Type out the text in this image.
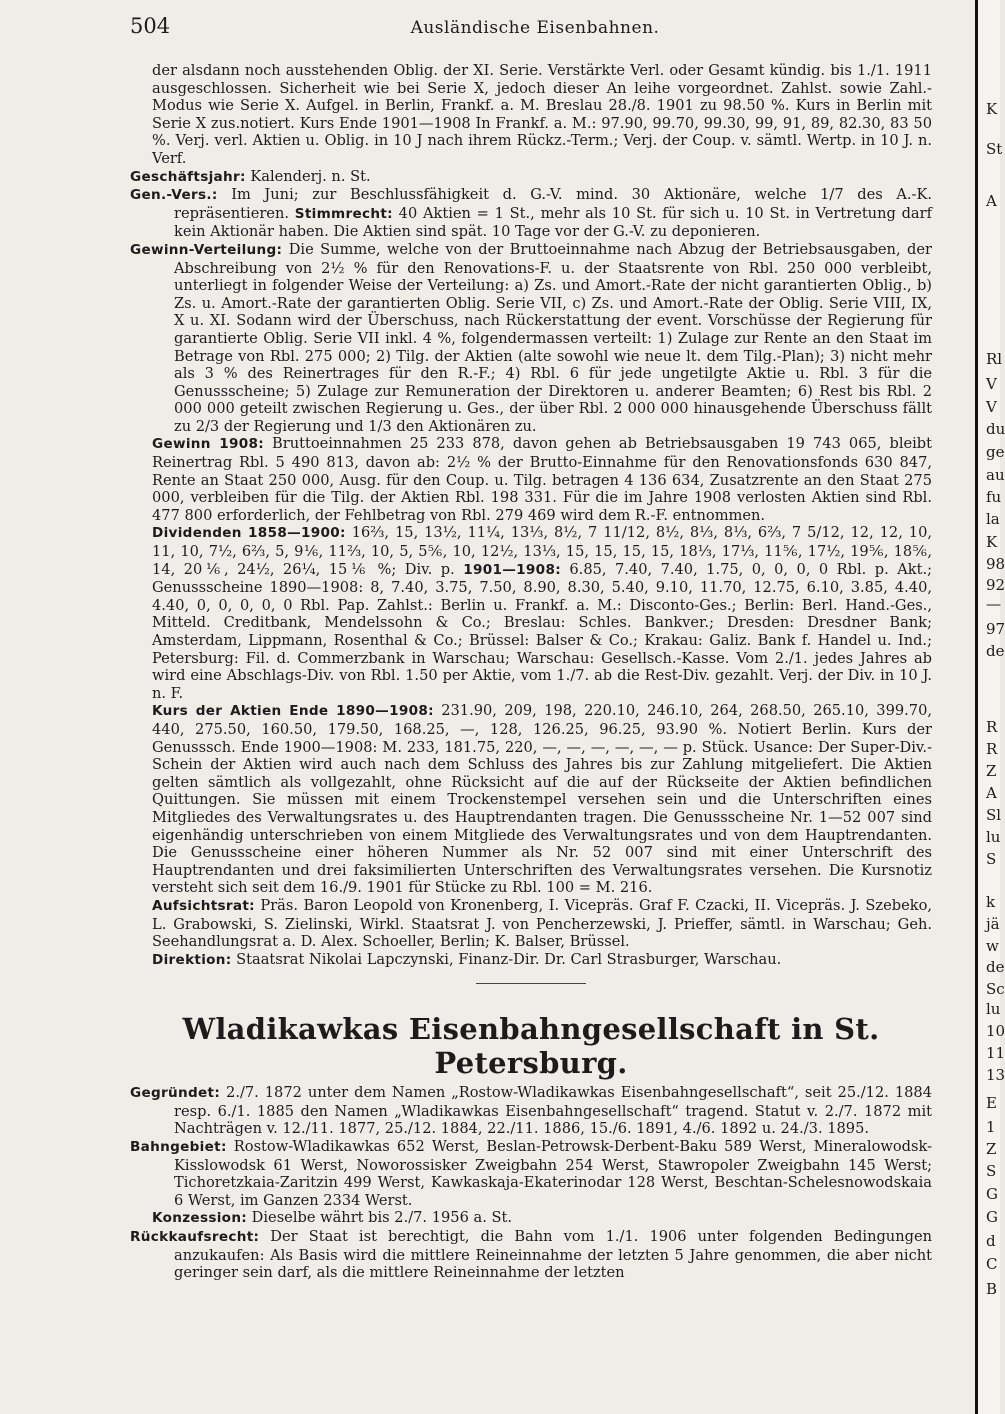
504	Ausländische Eisenbahnen.

der alsdann noch ausstehenden Oblig. der XI. Serie. Verstärkte Verl. oder Gesamt kündig. bis 1./1. 1911 ausgeschlossen. Sicherheit wie bei Serie X, jedoch dieser An leihe vorgeordnet. Zahlst. sowie Zahl.-Modus wie Serie X. Aufgel. in Berlin, Frankf. a. M. Breslau 28./8. 1901 zu 98.50 %. Kurs in Berlin mit Serie X zus.notiert. Kurs Ende 1901—1908 In Frankf. a. M.: 97.90, 99.70, 99.30, 99, 91, 89, 82.30, 83 50 %. Verj. verl. Aktien u. Oblig. in 10 J nach ihrem Rückz.-Term.; Verj. der Coup. v. sämtl. Wertp. in 10 J. n. Verf.

Geschäftsjahr: Kalenderj. n. St.

Gen.-Vers.: Im Juni; zur Beschlussfähigkeit d. G.-V. mind. 30 Aktionäre, welche 1/7 des A.-K. repräsentieren. Stimmrecht: 40 Aktien = 1 St., mehr als 10 St. für sich u. 10 St. in Vertretung darf kein Aktionär haben. Die Aktien sind spät. 10 Tage vor der G.-V. zu deponieren.

Gewinn-Verteilung: Die Summe, welche von der Bruttoeinnahme nach Abzug der Betriebsausgaben, der Abschreibung von 2½ % für den Renovations-F. u. der Staatsrente von Rbl. 250 000 verbleibt, unterliegt in folgender Weise der Verteilung: a) Zs. und Amort.-Rate der nicht garantierten Oblig., b) Zs. u. Amort.-Rate der garantierten Oblig. Serie VII, c) Zs. und Amort.-Rate der Oblig. Serie VIII, IX, X u. XI. Sodann wird der Überschuss, nach Rückerstattung der event. Vorschüsse der Regierung für garantierte Oblig. Serie VII inkl. 4 %, folgendermassen verteilt: 1) Zulage zur Rente an den Staat im Betrage von Rbl. 275 000; 2) Tilg. der Aktien (alte sowohl wie neue lt. dem Tilg.-Plan); 3) nicht mehr als 3 % des Reinertrages für den R.-F.; 4) Rbl. 6 für jede ungetilgte Aktie u. Rbl. 3 für die Genussscheine; 5) Zulage zur Remuneration der Direktoren u. anderer Beamten; 6) Rest bis Rbl. 2 000 000 geteilt zwischen Regierung u. Ges., der über Rbl. 2 000 000 hinausgehende Überschuss fällt zu 2/3 der Regierung und 1/3 den Aktionären zu.

Gewinn 1908: Bruttoeinnahmen 25 233 878, davon gehen ab Betriebsausgaben 19 743 065, bleibt Reinertrag Rbl. 5 490 813, davon ab: 2½ % der Brutto-Einnahme für den Renovationsfonds 630 847, Rente an Staat 250 000, Ausg. für den Coup. u. Tilg. betragen 4 136 634, Zusatzrente an den Staat 275 000, verbleiben für die Tilg. der Aktien Rbl. 198 331. Für die im Jahre 1908 verlosten Aktien sind Rbl. 477 800 erforderlich, der Fehlbetrag von Rbl. 279 469 wird dem R.-F. entnommen.

Dividenden 1858—1900: 16⅔, 15, 13½, 11¼, 13⅓, 8½, 7 11/12, 8½, 8⅓, 8⅓, 6⅔, 7 5/12, 12, 12, 10, 11, 10, 7½, 6⅔, 5, 9⅙, 11⅔, 10, 5, 5⅚, 10, 12½, 13⅓, 15, 15, 15, 15, 18⅓, 17⅓, 11⅚, 17½, 19⅚, 18⅚, 14, 20⅙, 24½, 26¼, 15⅙ %; Div. p. 1901—1908: 6.85, 7.40, 7.40, 1.75, 0, 0, 0, 0 Rbl. p. Akt.; Genussscheine 1890—1908: 8, 7.40, 3.75, 7.50, 8.90, 8.30, 5.40, 9.10, 11.70, 12.75, 6.10, 3.85, 4.40, 4.40, 0, 0, 0, 0, 0 Rbl. Pap. Zahlst.: Berlin u. Frankf. a. M.: Disconto-Ges.; Berlin: Berl. Hand.-Ges., Mitteld. Creditbank, Mendelssohn & Co.; Breslau: Schles. Bankver.; Dresden: Dresdner Bank; Amsterdam, Lippmann, Rosenthal & Co.; Brüssel: Balser & Co.; Krakau: Galiz. Bank f. Handel u. Ind.; Petersburg: Fil. d. Commerzbank in Warschau; Warschau: Gesellsch.-Kasse. Vom 2./1. jedes Jahres ab wird eine Abschlags-Div. von Rbl. 1.50 per Aktie, vom 1./7. ab die Rest-Div. gezahlt. Verj. der Div. in 10 J. n. F.

Kurs der Aktien Ende 1890—1908: 231.90, 209, 198, 220.10, 246.10, 264, 268.50, 265.10, 399.70, 440, 275.50, 160.50, 179.50, 168.25, —, 128, 126.25, 96.25, 93.90 %. Notiert Berlin. Kurs der Genusssch. Ende 1900—1908: M. 233, 181.75, 220, —, —, —, —, —, — p. Stück. Usance: Der Super-Div.-Schein der Aktien wird auch nach dem Schluss des Jahres bis zur Zahlung mitgeliefert. Die Aktien gelten sämtlich als vollgezahlt, ohne Rücksicht auf die auf der Rückseite der Aktien befindlichen Quittungen. Sie müssen mit einem Trockenstempel versehen sein und die Unterschriften eines Mitgliedes des Verwaltungsrates u. des Hauptrendanten tragen. Die Genussscheine Nr. 1—52 007 sind eigenhändig unterschrieben von einem Mitgliede des Verwaltungsrates und von dem Hauptrendanten. Die Genussscheine einer höheren Nummer als Nr. 52 007 sind mit einer Unterschrift des Hauptrendanten und drei faksimilierten Unterschriften des Verwaltungsrates versehen. Die Kursnotiz versteht sich seit dem 16./9. 1901 für Stücke zu Rbl. 100 = M. 216.

Aufsichtsrat: Präs. Baron Leopold von Kronenberg, I. Vicepräs. Graf F. Czacki, II. Vicepräs. J. Szebeko, L. Grabowski, S. Zielinski, Wirkl. Staatsrat J. von Pencherzewski, J. Prieffer, sämtl. in Warschau; Geh. Seehandlungsrat a. D. Alex. Schoeller, Berlin; K. Balser, Brüssel.

Direktion: Staatsrat Nikolai Lapczynski, Finanz-Dir. Dr. Carl Strasburger, Warschau.

Wladikawkas Eisenbahngesellschaft in St. Petersburg.

Gegründet: 2./7. 1872 unter dem Namen „Rostow-Wladikawkas Eisenbahngesellschaft“, seit 25./12. 1884 resp. 6./1. 1885 den Namen „Wladikawkas Eisenbahngesellschaft“ tragend. Statut v. 2./7. 1872 mit Nachträgen v. 12./11. 1877, 25./12. 1884, 22./11. 1886, 15./6. 1891, 4./6. 1892 u. 24./3. 1895.

Bahngebiet: Rostow-Wladikawkas 652 Werst, Beslan-Petrowsk-Derbent-Baku 589 Werst, Mineralowodsk-Kisslowodsk 61 Werst, Noworossisker Zweigbahn 254 Werst, Stawropoler Zweigbahn 145 Werst; Tichoretzkaia-Zaritzin 499 Werst, Kawkaskaja-Ekaterinodar 128 Werst, Beschtan-Schelesnowodskaia 6 Werst, im Ganzen 2334 Werst.

Konzession: Dieselbe währt bis 2./7. 1956 a. St.

Rückkaufsrecht: Der Staat ist berechtigt, die Bahn vom 1./1. 1906 unter folgenden Bedingungen anzukaufen: Als Basis wird die mittlere Reineinnahme der letzten 5 Jahre genommen, die aber nicht geringer sein darf, als die mittlere Reineinnahme der letzten

K
St
A
Rl
V
V
du
ge
au
fu
la
K
98
92
—
97
de
R
R
Z
A
Sl
lu
S
k
jä
w
de
Sc
lu
10
11
13
E
1
Z
S
G
G
d
C
B
